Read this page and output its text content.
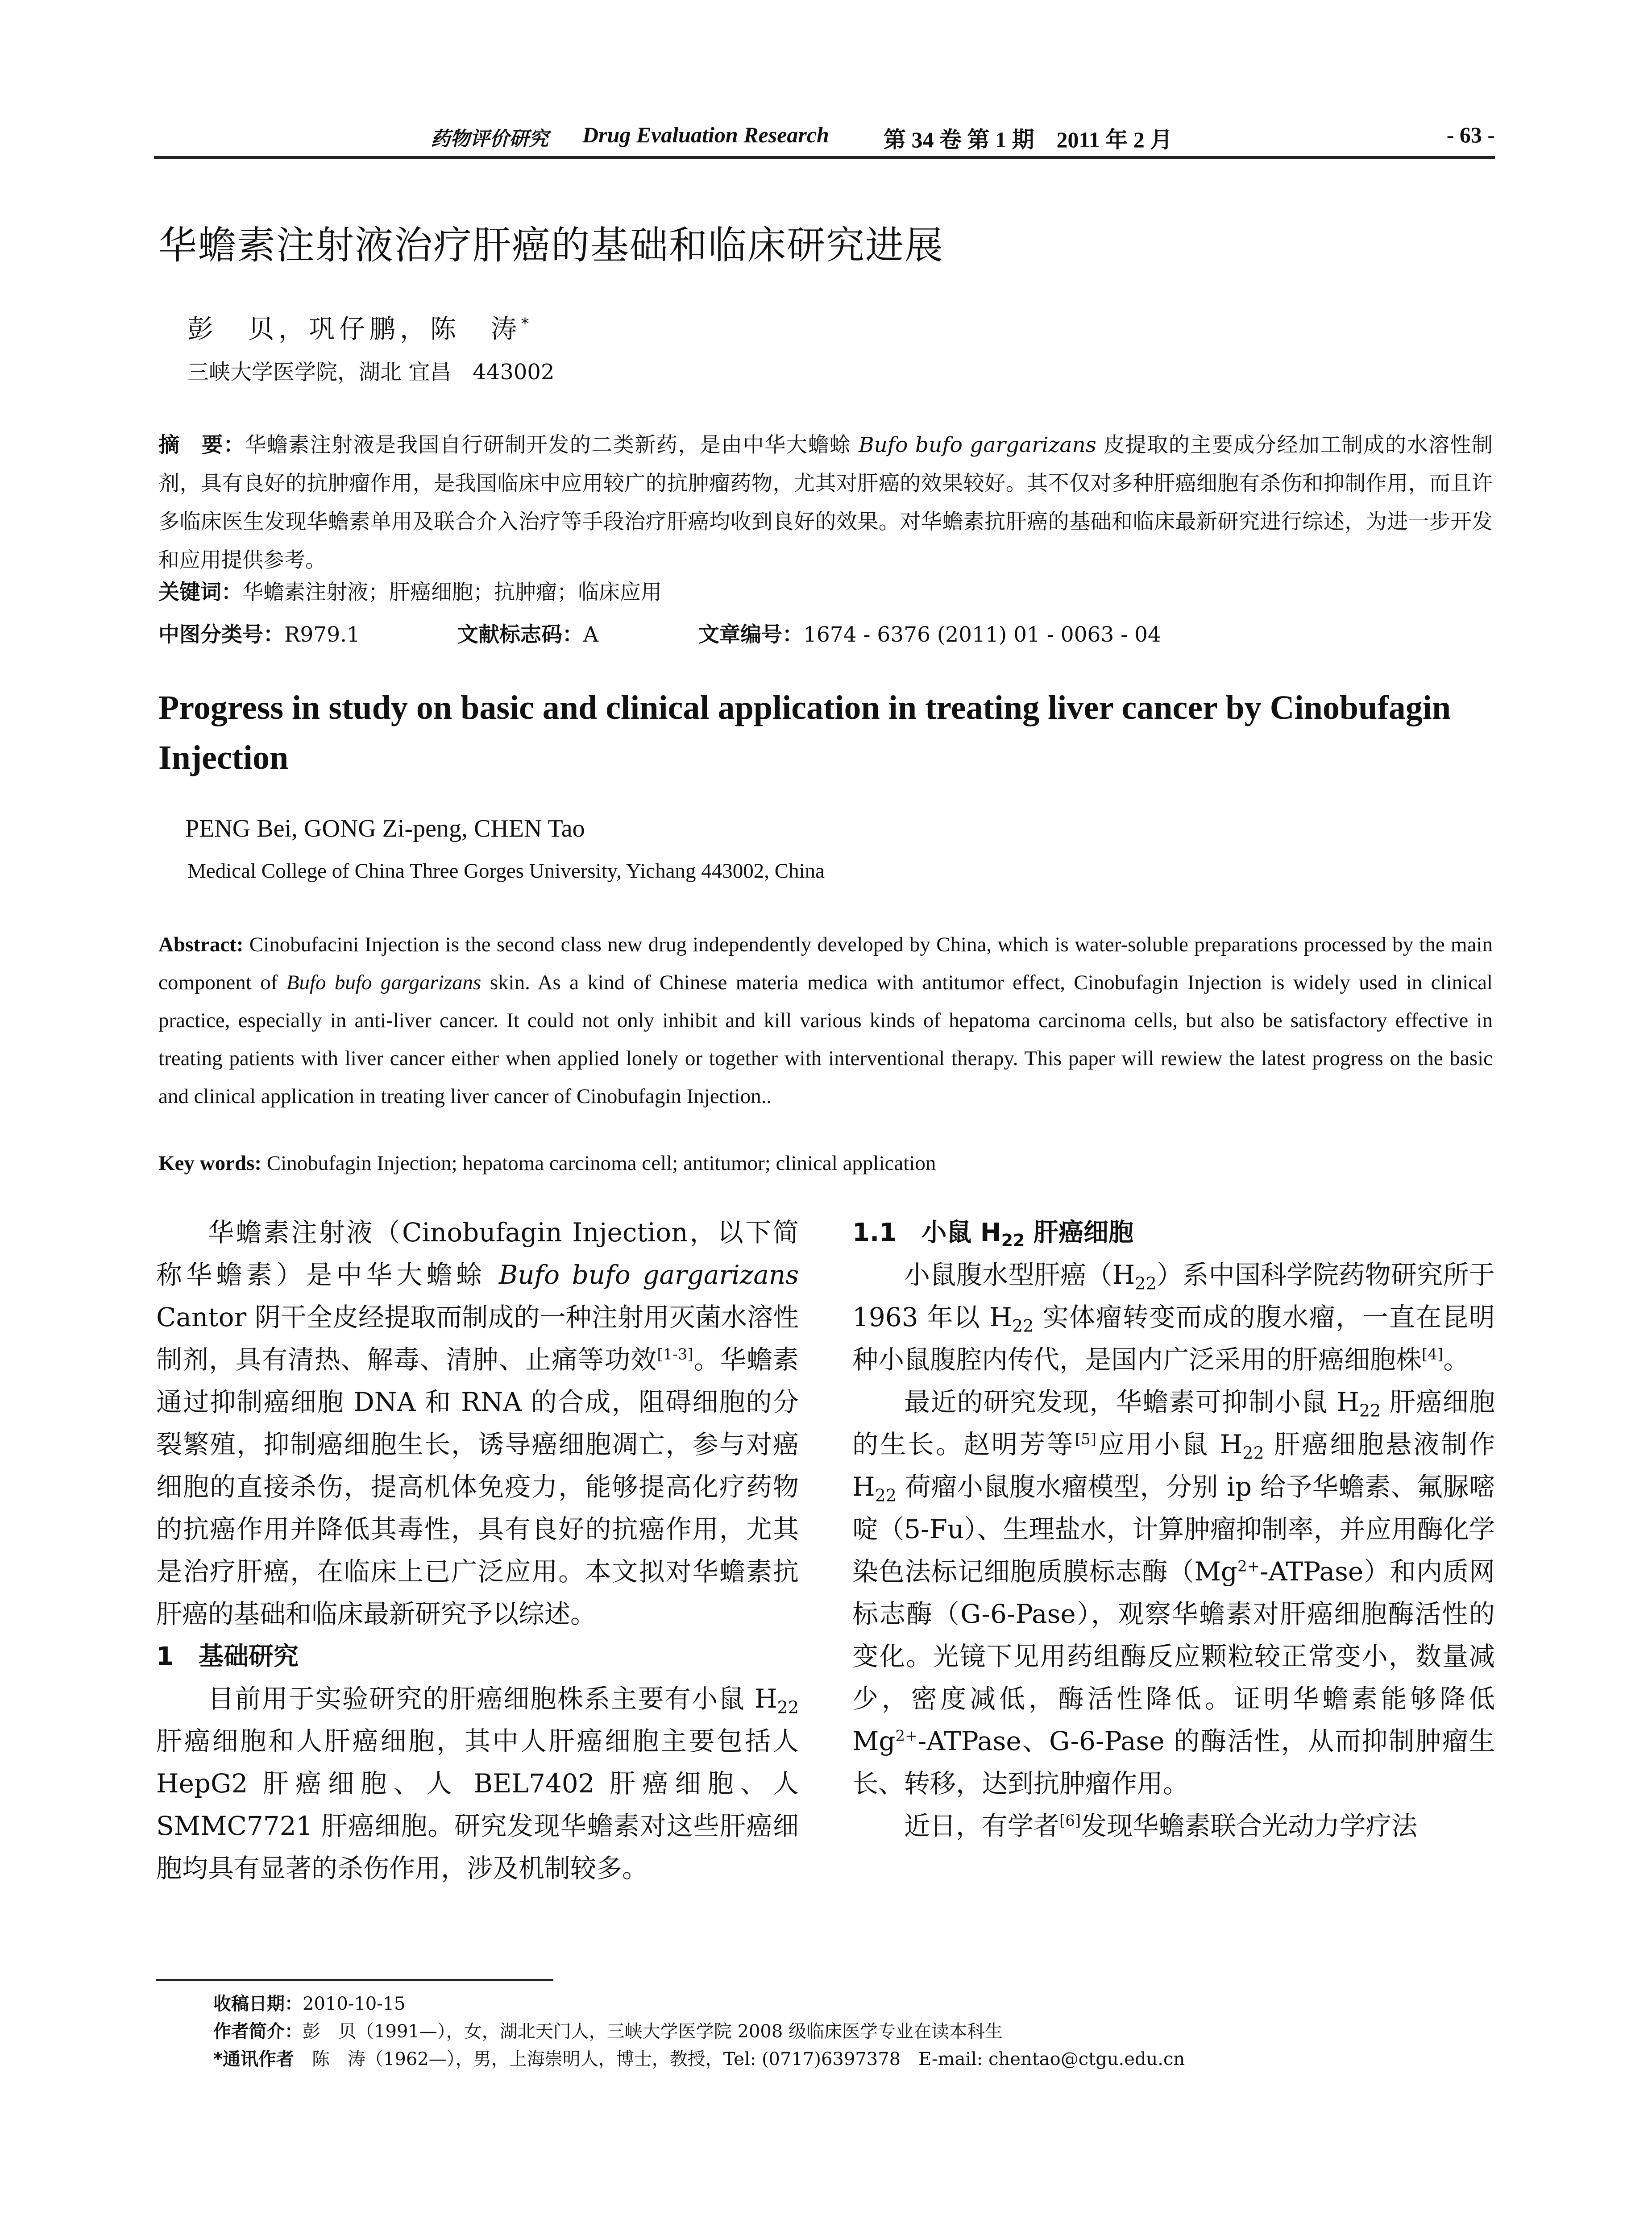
药物评价研究 Drug Evaluation Research 第 34 卷 第 1 期　2011 年 2 月	- 63 -
华蟾素注射液治疗肝癌的基础和临床研究进展
彭　贝，巩仔鹏，陈　涛*
三峡大学医学院，湖北 宜昌　443002
摘　要：华蟾素注射液是我国自行研制开发的二类新药，是由中华大蟾蜍 Bufo bufo gargarizans 皮提取的主要成分经加工制成的水溶性制剂，具有良好的抗肿瘤作用，是我国临床中应用较广的抗肿瘤药物，尤其对肝癌的效果较好。其不仅对多种肝癌细胞有杀伤和抑制作用，而且许多临床医生发现华蟾素单用及联合介入治疗等手段治疗肝癌均收到良好的效果。对华蟾素抗肝癌的基础和临床最新研究进行综述，为进一步开发和应用提供参考。
关键词：华蟾素注射液；肝癌细胞；抗肿瘤；临床应用
中图分类号：R979.1	文献标志码：A	文章编号：1674 - 6376 (2011) 01 - 0063 - 04
Progress in study on basic and clinical application in treating liver cancer by Cinobufagin Injection
PENG Bei, GONG Zi-peng, CHEN Tao
Medical College of China Three Gorges University, Yichang 443002, China
Abstract: Cinobufacini Injection is the second class new drug independently developed by China, which is water-soluble preparations processed by the main component of Bufo bufo gargarizans skin. As a kind of Chinese materia medica with antitumor effect, Cinobufagin Injection is widely used in clinical practice, especially in anti-liver cancer. It could not only inhibit and kill various kinds of hepatoma carcinoma cells, but also be satisfactory effective in treating patients with liver cancer either when applied lonely or together with interventional therapy. This paper will rewiew the latest progress on the basic and clinical application in treating liver cancer of Cinobufagin Injection..
Key words: Cinobufagin Injection; hepatoma carcinoma cell; antitumor; clinical application

华蟾素注射液（Cinobufagin Injection，以下简称华蟾素）是中华大蟾蜍 Bufo bufo gargarizans Cantor 阴干全皮经提取而制成的一种注射用灭菌水溶性制剂，具有清热、解毒、清肿、止痛等功效[1-3]。华蟾素通过抑制癌细胞 DNA 和 RNA 的合成，阻碍细胞的分裂繁殖，抑制癌细胞生长，诱导癌细胞凋亡，参与对癌细胞的直接杀伤，提高机体免疫力，能够提高化疗药物的抗癌作用并降低其毒性，具有良好的抗癌作用，尤其是治疗肝癌，在临床上已广泛应用。本文拟对华蟾素抗肝癌的基础和临床最新研究予以综述。

1　基础研究

目前用于实验研究的肝癌细胞株系主要有小鼠 $H_{22}$ 肝癌细胞和人肝癌细胞，其中人肝癌细胞主要包括人 HepG2 肝癌细胞、人 BEL7402 肝癌细胞、人 SMMC7721 肝癌细胞。研究发现华蟾素对这些肝癌细胞均具有显著的杀伤作用，涉及机制较多。

1.1　小鼠 $H_{22}$ 肝癌细胞

小鼠腹水型肝癌$(H_{22})$系中国科学院药物研究所于 1963 年以 $H_{22}$ 实体瘤转变而成的腹水瘤，一直在昆明种小鼠腹腔内传代，是国内广泛采用的肝癌细胞株[4]。

最近的研究发现，华蟾素可抑制小鼠 $H_{22}$ 肝癌细胞的生长。赵明芳等[5]应用小鼠 $H_{22}$ 肝癌细胞悬液制作 $H_{22}$ 荷瘤小鼠腹水瘤模型，分别 ip 给予华蟾素、氟脲嘧啶（5-Fu）、生理盐水，计算肿瘤抑制率，并应用酶化学染色法标记细胞质膜标志酶$(Mg^{2+}-ATPase)$和内质网标志酶（G-6-Pase），观察华蟾素对肝癌细胞酶活性的变化。光镜下见用药组酶反应颗粒较正常变小，数量减少，密度减低，酶活性降低。证明华蟾素能够降低 $Mg^{2+}$-ATPase、G-6-Pase 的酶活性，从而抑制肿瘤生长、转移，达到抗肿瘤作用。

近日，有学者[6]发现华蟾素联合光动力学疗法

收稿日期：2010-10-15
作者简介：彭　贝（1991—），女，湖北天门人，三峡大学医学院 2008 级临床医学专业在读本科生
*通讯作者　陈　涛（1962—），男，上海崇明人，博士，教授，Tel: (0717)6397378　E-mail: chentao@ctgu.edu.cn
